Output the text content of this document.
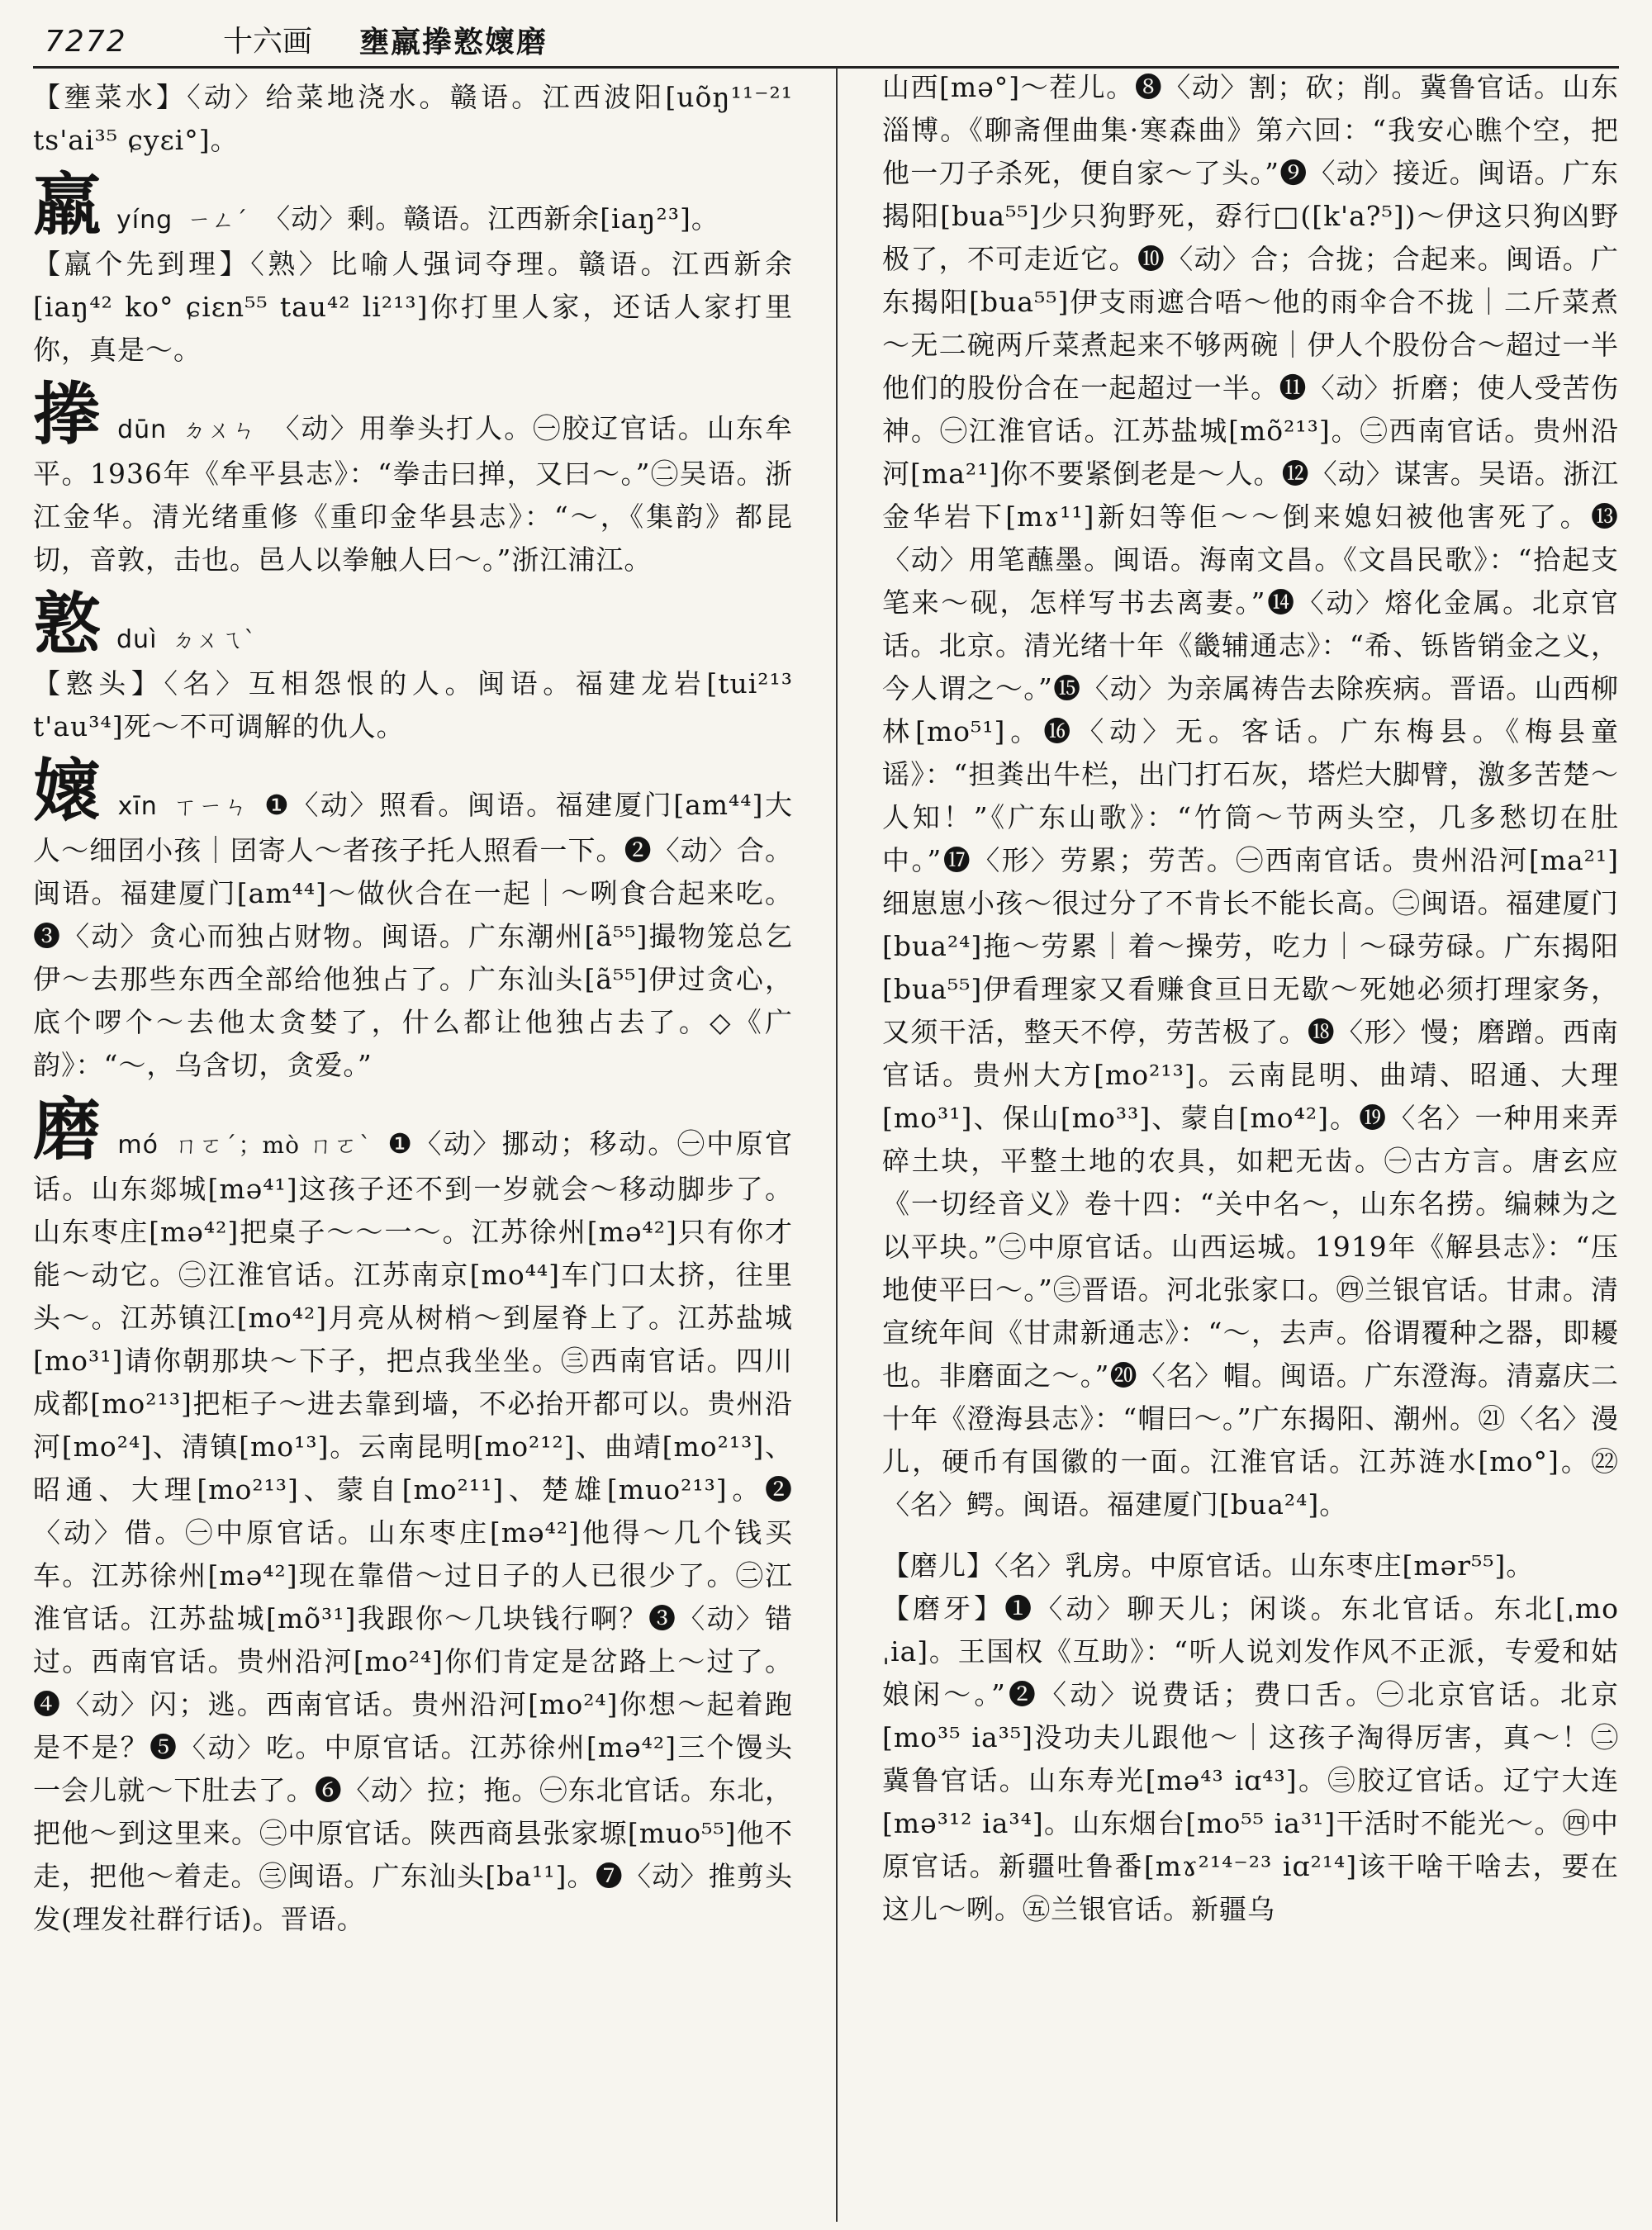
7272	十六画 壅羸搼憝㜳磨

【壅菜水】〈动〉给菜地浇水。赣语。江西波阳[uõŋ¹¹⁻²¹ ts'ai³⁵ ɕyɛi°]。

羸yíng ㄧㄥˊ 〈动〉剩。赣语。江西新余[iaŋ²³]。

【羸个先到理】〈熟〉比喻人强词夺理。赣语。江西新余[iaŋ⁴² ko° ɕiɛn⁵⁵ tau⁴² li²¹³]你打里人家，还话人家打里你，真是～。

搼dūn ㄉㄨㄣ 〈动〉用拳头打人。㊀胶辽官话。山东牟平。1936年《牟平县志》：“拳击曰掸，又曰～。”㊁吴语。浙江金华。清光绪重修《重印金华县志》：“～，《集韵》都昆切，音敦，击也。邑人以拳触人曰～。”浙江浦江。

憝duì ㄉㄨㄟˋ

【憝头】〈名〉互相怨恨的人。闽语。福建龙岩[tui²¹³ t'au³⁴]死～不可调解的仇人。

㜳xīn ㄒㄧㄣ ❶〈动〉照看。闽语。福建厦门[am⁴⁴]大人～细囝小孩｜囝寄人～者孩子托人照看一下。❷〈动〉合。闽语。福建厦门[am⁴⁴]～做伙合在一起｜～咧食合起来吃。❸〈动〉贪心而独占财物。闽语。广东潮州[ã⁵⁵]撮物笼总乞伊～去那些东西全部给他独占了。广东汕头[ã⁵⁵]伊过贪心，底个啰个～去他太贪婪了，什么都让他独占去了。◇《广韵》：“～，乌含切，贪爱。”

磨mó ㄇㄛˊ；mò ㄇㄛˋ ❶〈动〉挪动；移动。㊀中原官话。山东郯城[mə⁴¹]这孩子还不到一岁就会～移动脚步了。山东枣庄[mə⁴²]把桌子～～一～。江苏徐州[mə⁴²]只有你才能～动它。㊁江淮官话。江苏南京[mo⁴⁴]车门口太挤，往里头～。江苏镇江[mo⁴²]月亮从树梢～到屋脊上了。江苏盐城[mo³¹]请你朝那块～下子，把点我坐坐。㊂西南官话。四川成都[mo²¹³]把柜子～进去靠到墙，不必抬开都可以。贵州沿河[mo²⁴]、清镇[mo¹³]。云南昆明[mo²¹²]、曲靖[mo²¹³]、昭通、大理[mo²¹³]、蒙自[mo²¹¹]、楚雄[muo²¹³]。❷〈动〉借。㊀中原官话。山东枣庄[mə⁴²]他得～几个钱买车。江苏徐州[mə⁴²]现在靠借～过日子的人已很少了。㊁江淮官话。江苏盐城[mõ³¹]我跟你～几块钱行啊？❸〈动〉错过。西南官话。贵州沿河[mo²⁴]你们肯定是岔路上～过了。❹〈动〉闪；逃。西南官话。贵州沿河[mo²⁴]你想～起着跑是不是？❺〈动〉吃。中原官话。江苏徐州[mə⁴²]三个馒头一会儿就～下肚去了。❻〈动〉拉；拖。㊀东北官话。东北，把他～到这里来。㊁中原官话。陕西商县张家塬[muo⁵⁵]他不走，把他～着走。㊂闽语。广东汕头[ba¹¹]。❼〈动〉推剪头发(理发社群行话)。晋语。

山西[mə°]～茬儿。❽〈动〉割；砍；削。冀鲁官话。山东淄博。《聊斋俚曲集·寒森曲》第六回：“我安心瞧个空，把他一刀子杀死，便自家～了头。”❾〈动〉接近。闽语。广东揭阳[bua⁵⁵]少只狗野死，孬行□([k'a?⁵])～伊这只狗凶野极了，不可走近它。❿〈动〉合；合拢；合起来。闽语。广东揭阳[bua⁵⁵]伊支雨遮合唔～他的雨伞合不拢｜二斤菜煮～无二碗两斤菜煮起来不够两碗｜伊人个股份合～超过一半他们的股份合在一起超过一半。⓫〈动〉折磨；使人受苦伤神。㊀江淮官话。江苏盐城[mõ²¹³]。㊁西南官话。贵州沿河[ma²¹]你不要紧倒老是～人。⓬〈动〉谋害。吴语。浙江金华岩下[mɤ¹¹]新妇等佢～～倒来媳妇被他害死了。⓭〈动〉用笔蘸墨。闽语。海南文昌。《文昌民歌》：“拾起支笔来～砚，怎样写书去离妻。”⓮〈动〉熔化金属。北京官话。北京。清光绪十年《畿辅通志》：“希、铄皆销金之义，今人谓之～。”⓯〈动〉为亲属祷告去除疾病。晋语。山西柳林[mo⁵¹]。⓰〈动〉无。客话。广东梅县。《梅县童谣》：“担粪出牛栏，出门打石灰，塔烂大脚臂，激多苦楚～人知！”《广东山歌》：“竹筒～节两头空，几多愁切在肚中。”⓱〈形〉劳累；劳苦。㊀西南官话。贵州沿河[ma²¹]细崽崽小孩～很过分了不肯长不能长高。㊁闽语。福建厦门[bua²⁴]拖～劳累｜着～操劳，吃力｜～碌劳碌。广东揭阳[bua⁵⁵]伊看理家又看赚食亘日无歇～死她必须打理家务，又须干活，整天不停，劳苦极了。⓲〈形〉慢；磨蹭。西南官话。贵州大方[mo²¹³]。云南昆明、曲靖、昭通、大理[mo³¹]、保山[mo³³]、蒙自[mo⁴²]。⓳〈名〉一种用来弄碎土块，平整土地的农具，如耙无齿。㊀古方言。唐玄应《一切经音义》卷十四：“关中名～，山东名捞。编棘为之以平块。”㊁中原官话。山西运城。1919年《解县志》：“压地使平曰～。”㊂晋语。河北张家口。㊃兰银官话。甘肃。清宣统年间《甘肃新通志》：“～，去声。俗谓覆种之器，即耰也。非磨面之～。”⓴〈名〉帽。闽语。广东澄海。清嘉庆二十年《澄海县志》：“帽曰～。”广东揭阳、潮州。㉑〈名〉漫儿，硬币有国徽的一面。江淮官话。江苏涟水[mo°]。㉒〈名〉鳄。闽语。福建厦门[bua²⁴]。

【磨儿】〈名〉乳房。中原官话。山东枣庄[mər⁵⁵]。

【磨牙】❶〈动〉聊天儿；闲谈。东北官话。东北[ˌmo ˌia]。王国权《互助》：“听人说刘发作风不正派，专爱和姑娘闲～。”❷〈动〉说费话；费口舌。㊀北京官话。北京[mo³⁵ ia³⁵]没功夫儿跟他～｜这孩子淘得厉害，真～！㊁冀鲁官话。山东寿光[mə⁴³ iɑ⁴³]。㊂胶辽官话。辽宁大连[mə³¹² ia³⁴]。山东烟台[mo⁵⁵ ia³¹]干活时不能光～。㊃中原官话。新疆吐鲁番[mɤ²¹⁴⁻²³ iɑ²¹⁴]该干啥干啥去，要在这儿～咧。㊄兰银官话。新疆乌
